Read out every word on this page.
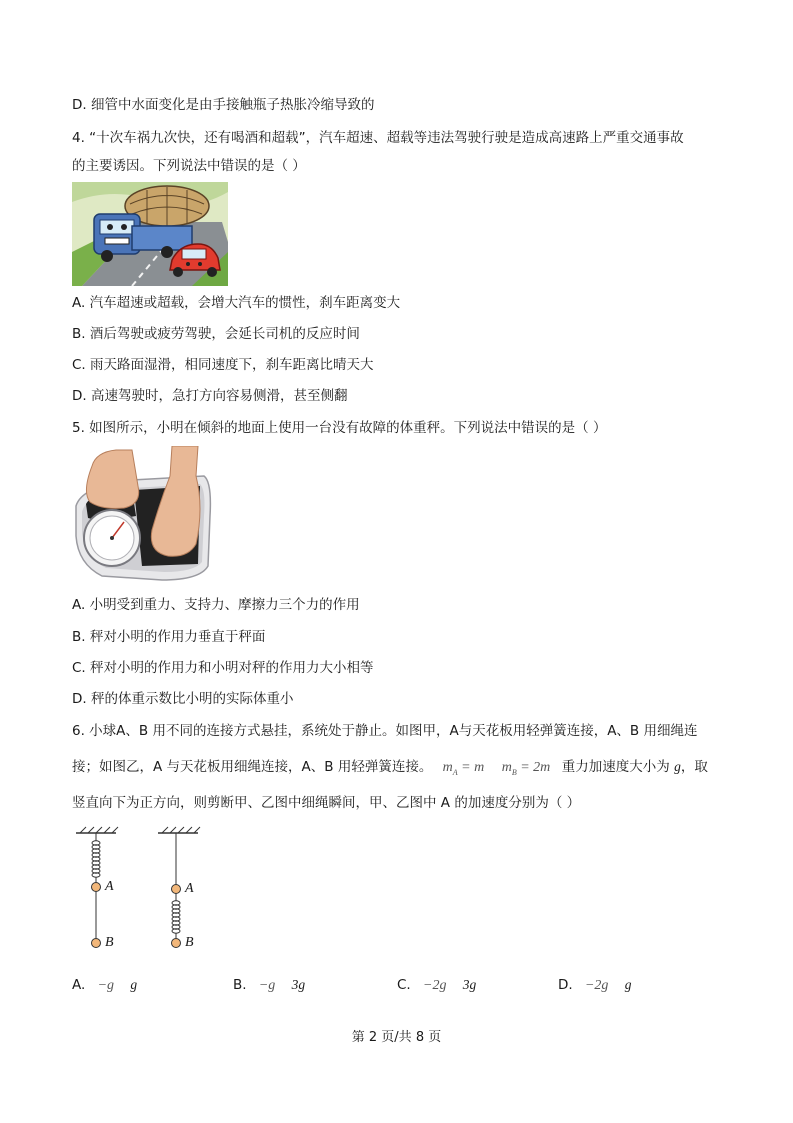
D. 细管中水面变化是由手接触瓶子热胀冷缩导致的
4. “十次车祸九次快，还有喝酒和超载”，汽车超速、超载等违法驾驶行驶是造成高速路上严重交通事故
的主要诱因。下列说法中错误的是（ ）
A. 汽车超速或超载，会增大汽车的惯性，刹车距离变大
B. 酒后驾驶或疲劳驾驶，会延长司机的反应时间
C. 雨天路面湿滑，相同速度下，刹车距离比晴天大
D. 高速驾驶时，急打方向容易侧滑，甚至侧翻
5. 如图所示，小明在倾斜的地面上使用一台没有故障的体重秤。下列说法中错误的是（ ）
A. 小明受到重力、支持力、摩擦力三个力的作用
B. 秤对小明的作用力垂直于秤面
C. 秤对小明的作用力和小明对秤的作用力大小相等
D. 秤的体重示数比小明的实际体重小
6. 小球A、B 用不同的连接方式悬挂，系统处于静止。如图甲，A与天花板用轻弹簧连接，A、B 用细绳连
接；如图乙，A 与天花板用细绳连接，A、B 用轻弹簧连接。 $m_A = m$ $m_B = 2m$ 重力加速度大小为 g，取
竖直向下为正方向，则剪断甲、乙图中细绳瞬间，甲、乙图中 A 的加速度分别为（ ）
A
B
A
B
A. −g g	B. −g 3g	C. −2g 3g	D. −2g g
第 2 页/共 8 页
